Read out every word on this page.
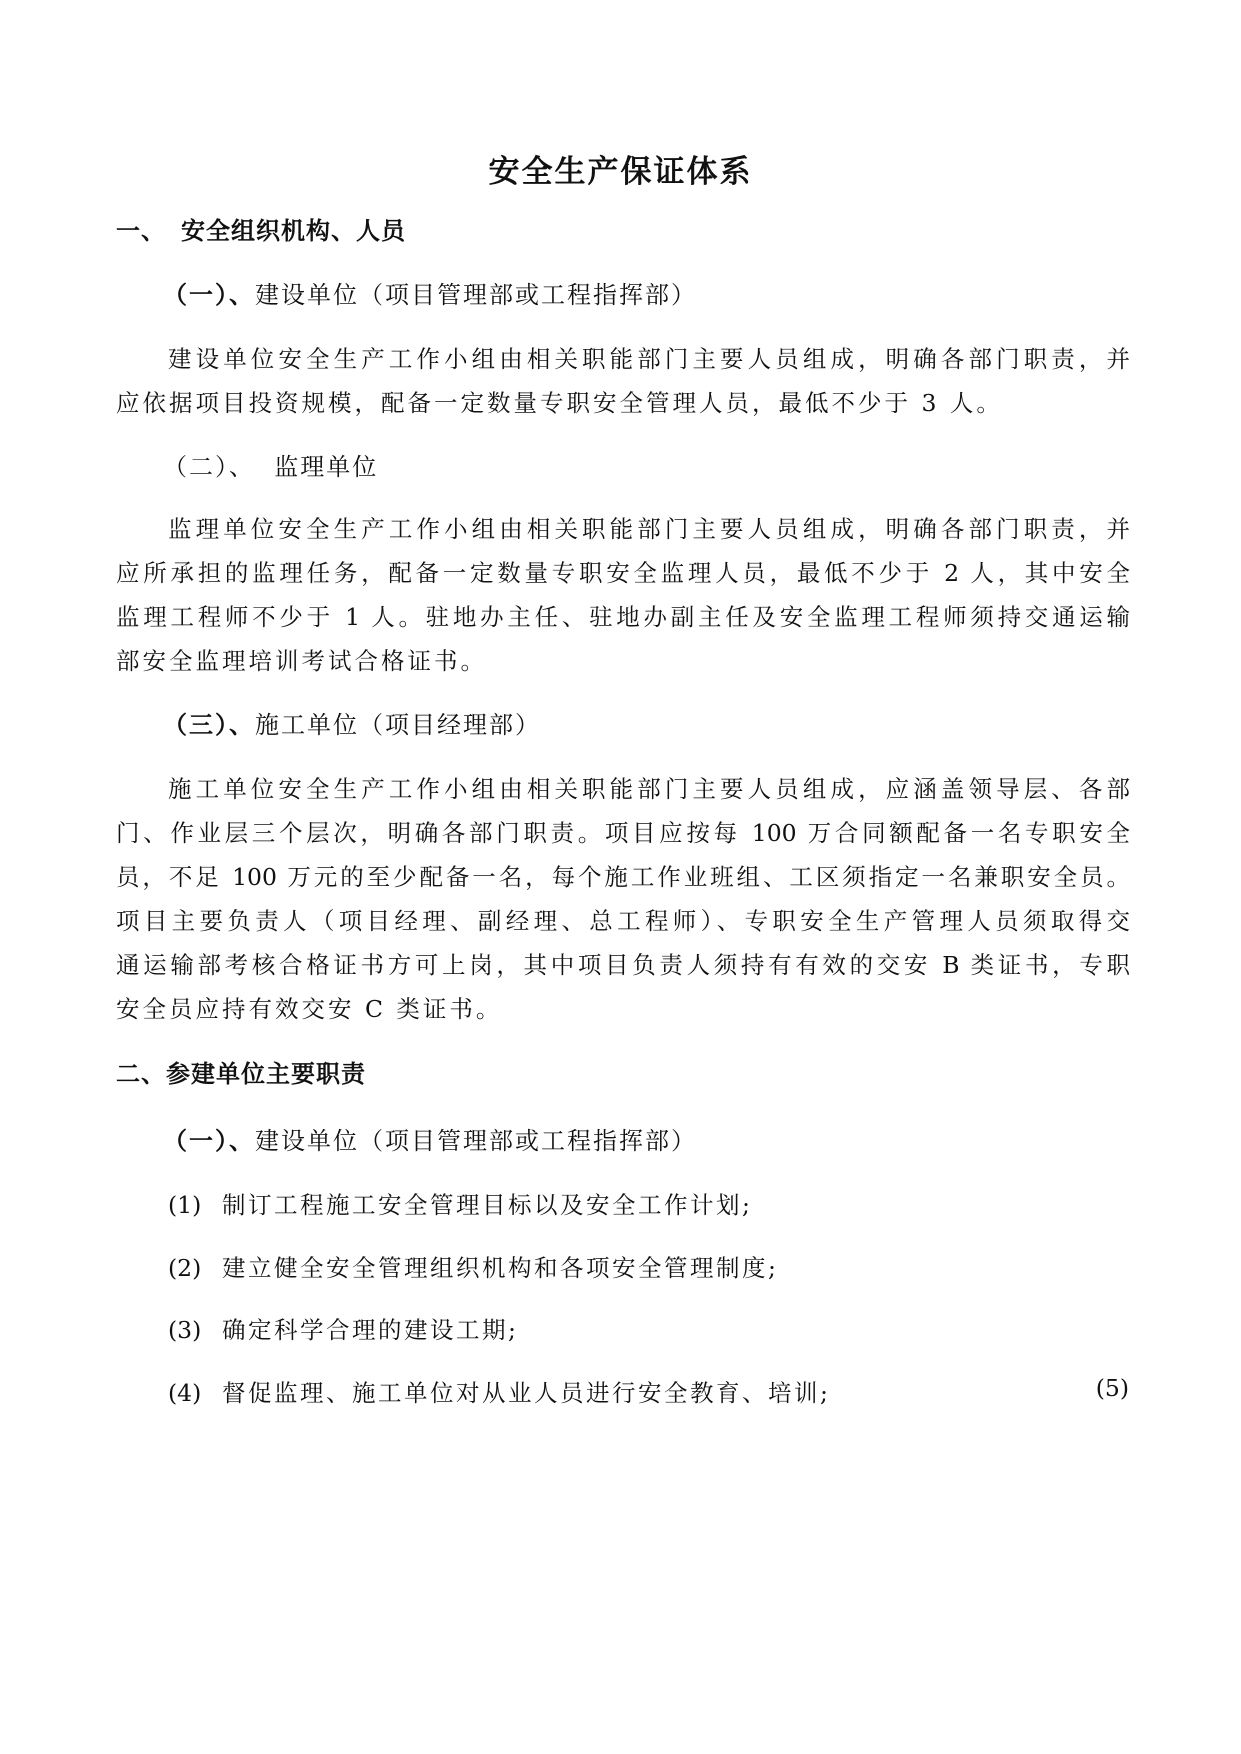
安全生产保证体系
一、 安全组织机构、人员
（一）、建设单位（项目管理部或工程指挥部）
建设单位安全生产工作小组由相关职能部门主要人员组成，明确各部门职责，并
应依据项目投资规模，配备一定数量专职安全管理人员，最低不少于 3 人。
（二）、 监理单位
监理单位安全生产工作小组由相关职能部门主要人员组成，明确各部门职责，并
应所承担的监理任务，配备一定数量专职安全监理人员，最低不少于 2 人，其中安全
监理工程师不少于 1 人。驻地办主任、驻地办副主任及安全监理工程师须持交通运输
部安全监理培训考试合格证书。
（三）、施工单位（项目经理部）
施工单位安全生产工作小组由相关职能部门主要人员组成，应涵盖领导层、各部
门、作业层三个层次，明确各部门职责。项目应按每 100 万合同额配备一名专职安全
员，不足 100 万元的至少配备一名，每个施工作业班组、工区须指定一名兼职安全员。
项目主要负责人（项目经理、副经理、总工程师）、专职安全生产管理人员须取得交
通运输部考核合格证书方可上岗，其中项目负责人须持有有效的交安 B 类证书，专职
安全员应持有效交安 C 类证书。
二、参建单位主要职责
（一）、建设单位（项目管理部或工程指挥部）
(1) 制订工程施工安全管理目标以及安全工作计划;
(2) 建立健全安全管理组织机构和各项安全管理制度;
(3) 确定科学合理的建设工期;
(4) 督促监理、施工单位对从业人员进行安全教育、培训;	(5)
